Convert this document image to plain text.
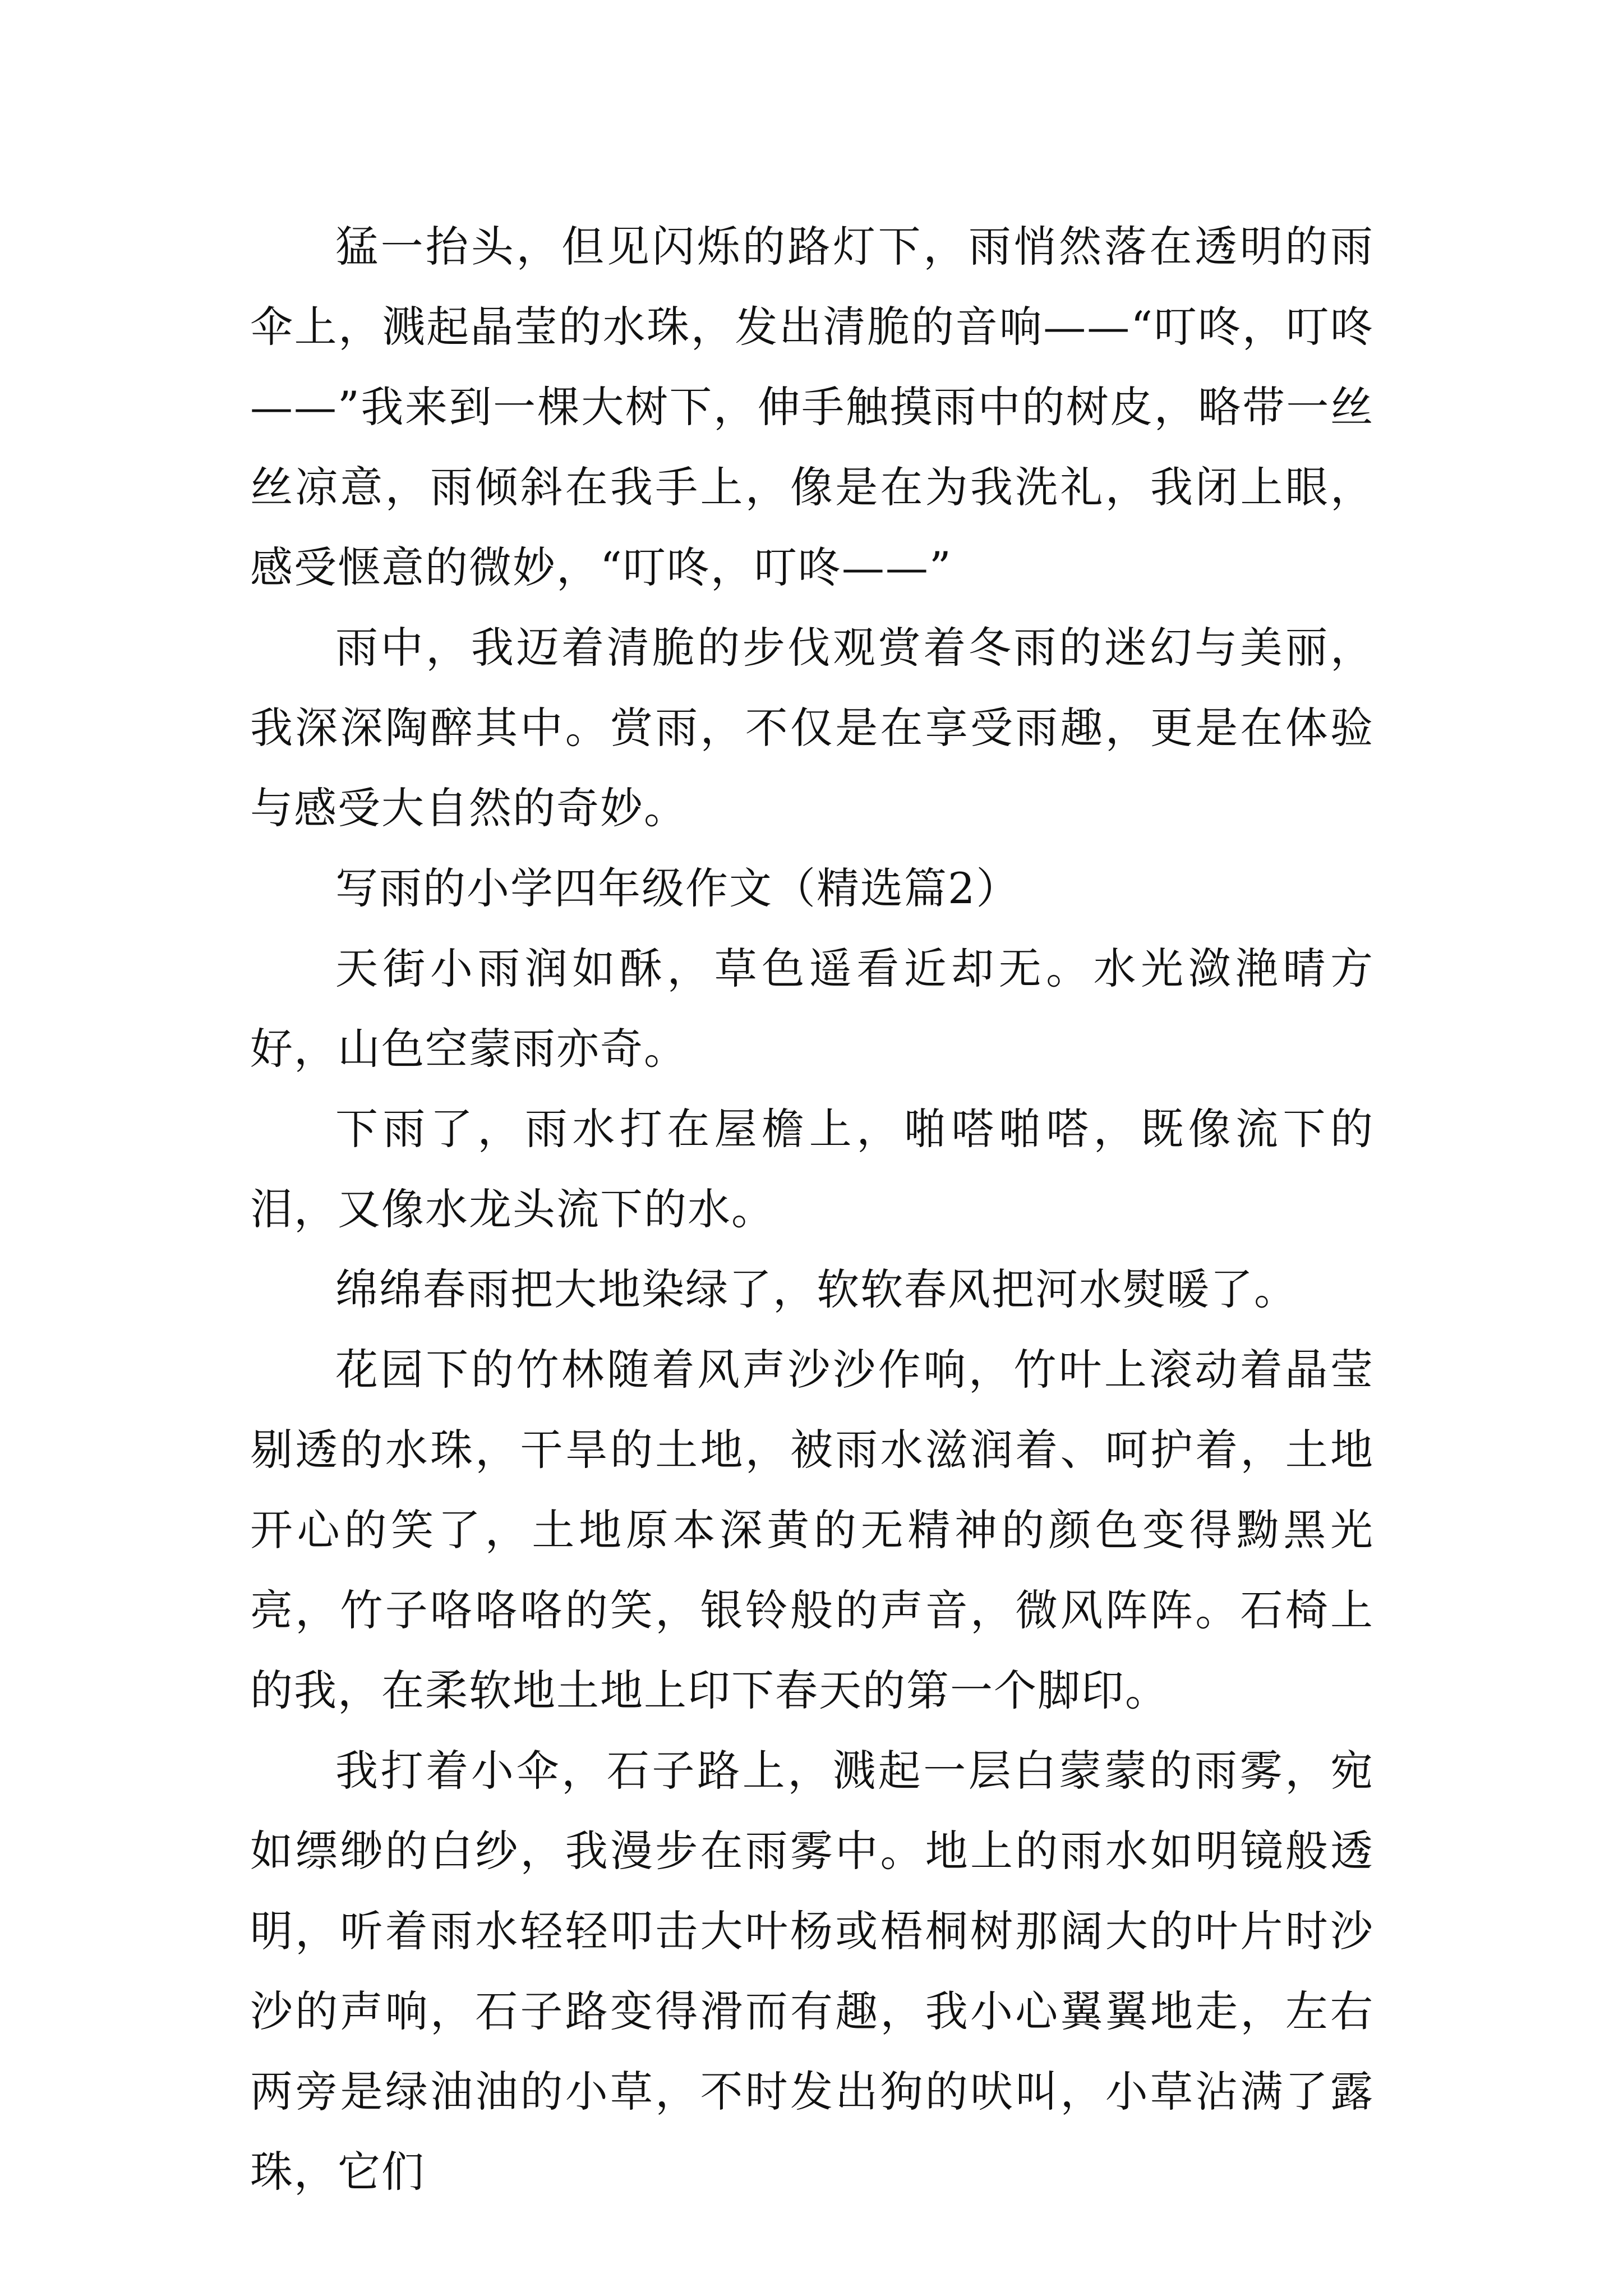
猛一抬头，但见闪烁的路灯下，雨悄然落在透明的雨伞上，溅起晶莹的水珠，发出清脆的音响——“叮咚，叮咚——”我来到一棵大树下，伸手触摸雨中的树皮，略带一丝丝凉意，雨倾斜在我手上，像是在为我洗礼，我闭上眼，感受惬意的微妙，“叮咚，叮咚——”

雨中，我迈着清脆的步伐观赏着冬雨的迷幻与美丽，我深深陶醉其中。赏雨，不仅是在享受雨趣，更是在体验与感受大自然的奇妙。

写雨的小学四年级作文（精选篇2）

天街小雨润如酥，草色遥看近却无。水光潋滟晴方好，山色空蒙雨亦奇。

下雨了，雨水打在屋檐上，啪嗒啪嗒，既像流下的泪，又像水龙头流下的水。

绵绵春雨把大地染绿了，软软春风把河水熨暖了。

花园下的竹林随着风声沙沙作响，竹叶上滚动着晶莹剔透的水珠，干旱的土地，被雨水滋润着、呵护着，土地开心的笑了，土地原本深黄的无精神的颜色变得黝黑光亮，竹子咯咯咯的笑，银铃般的声音，微风阵阵。石椅上的我，在柔软地土地上印下春天的第一个脚印。

我打着小伞，石子路上，溅起一层白蒙蒙的雨雾，宛如缥缈的白纱，我漫步在雨雾中。地上的雨水如明镜般透明，听着雨水轻轻叩击大叶杨或梧桐树那阔大的叶片时沙沙的声响，石子路变得滑而有趣，我小心翼翼地走，左右两旁是绿油油的小草，不时发出狗的吠叫，小草沾满了露珠，它们
